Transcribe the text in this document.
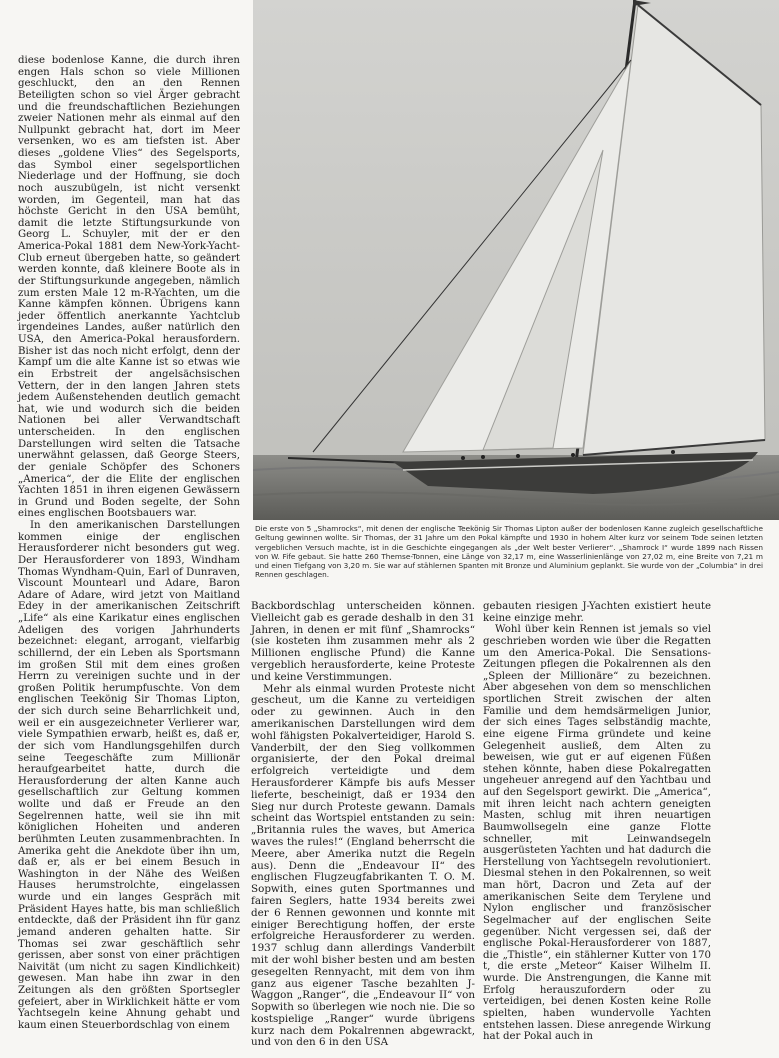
diese bodenlose Kanne, die durch ihren engen Hals schon so viele Millionen geschluckt, den an den Rennen Beteiligten schon so viel Ärger gebracht und die freundschaftlichen Beziehungen zweier Nationen mehr als einmal auf den Nullpunkt gebracht hat, dort im Meer versenken, wo es am tiefsten ist. Aber dieses „goldene Vlies“ des Segelsports, das Symbol einer segelsportlichen Niederlage und der Hoffnung, sie doch noch auszubügeln, ist nicht versenkt worden, im Gegenteil, man hat das höchste Gericht in den USA bemüht, damit die letzte Stiftungsurkunde von Georg L. Schuyler, mit der er den America-Pokal 1881 dem New-York-Yacht-Club erneut übergeben hatte, so geändert werden konnte, daß kleinere Boote als in der Stiftungsurkunde angegeben, nämlich zum ersten Male 12 m-R-Yachten, um die Kanne kämpfen können. Übrigens kann jeder öffentlich anerkannte Yachtclub irgendeines Landes, außer natürlich den USA, den America-Pokal herausfordern. Bisher ist das noch nicht erfolgt, denn der Kampf um die alte Kanne ist so etwas wie ein Erbstreit der angelsächsischen Vettern, der in den langen Jahren stets jedem Außenstehenden deutlich gemacht hat, wie und wodurch sich die beiden Nationen bei aller Verwandtschaft unterscheiden. In den englischen Darstellungen wird selten die Tatsache unerwähnt gelassen, daß George Steers, der geniale Schöpfer des Schoners „America“, der die Elite der englischen Yachten 1851 in ihren eigenen Gewässern in Grund und Boden segelte, der Sohn eines englischen Bootsbauers war.

In den amerikanischen Darstellungen kommen einige der englischen Herausforderer nicht besonders gut weg. Der Herausforderer von 1893, Windham Thomas Wyndham-Quin, Earl of Dunraven, Viscount Mountearl und Adare, Baron Adare of Adare, wird jetzt von Maitland Edey in der amerikanischen Zeitschrift „Life“ als eine Karikatur eines englischen Adeligen des vorigen Jahrhunderts bezeichnet: elegant, arrogant, vielfarbig schillernd, der ein Leben als Sportsmann im großen Stil mit dem eines großen Herrn zu vereinigen suchte und in der großen Politik herumpfuschte. Von dem englischen Teekönig Sir Thomas Lipton, der sich durch seine Beharrlichkeit und, weil er ein ausgezeichneter Verlierer war, viele Sympathien erwarb, heißt es, daß er, der sich vom Handlungsgehilfen durch seine Teegeschäfte zum Millionär heraufgearbeitet hatte, durch die Herausforderung der alten Kanne auch gesellschaftlich zur Geltung kommen wollte und daß er Freude an den Segelrennen hatte, weil sie ihn mit königlichen Hoheiten und anderen berühmten Leuten zusammenbrachten. In Amerika geht die Anekdote über ihn um, daß er, als er bei einem Besuch in Washington in der Nähe des Weißen Hauses herumstrolchte, eingelassen wurde und ein langes Gespräch mit Präsident Hayes hatte, bis man schließlich entdeckte, daß der Präsident ihn für ganz jemand anderen gehalten hatte. Sir Thomas sei zwar geschäftlich sehr gerissen, aber sonst von einer prächtigen Naivität (um nicht zu sagen Kindlichkeit) gewesen. Man habe ihn zwar in den Zeitungen als den größten Sportsegler gefeiert, aber in Wirklichkeit hätte er vom Yachtsegeln keine Ahnung gehabt und kaum einen Steuerbordschlag von einem

Die erste von 5 „Shamrocks“, mit denen der englische Teekönig Sir Thomas Lipton außer der bodenlosen Kanne zugleich gesellschaftliche Geltung gewinnen wollte. Sir Thomas, der 31 Jahre um den Pokal kämpfte und 1930 in hohem Alter kurz vor seinem Tode seinen letzten vergeblichen Versuch machte, ist in die Geschichte eingegangen als „der Welt bester Verlierer“. „Shamrock I“ wurde 1899 nach Rissen von W. Fife gebaut. Sie hatte 260 Themse-Tonnen, eine Länge von 32,17 m, eine Wasserlinienlänge von 27,02 m, eine Breite von 7,21 m und einen Tiefgang von 3,20 m. Sie war auf stählernen Spanten mit Bronze und Aluminium geplankt. Sie wurde von der „Columbia“ in drei Rennen geschlagen.

Backbordschlag unterscheiden können. Vielleicht gab es gerade deshalb in den 31 Jahren, in denen er mit fünf „Shamrocks“ (sie kosteten ihm zusammen mehr als 2 Millionen englische Pfund) die Kanne vergeblich herausforderte, keine Proteste und keine Verstimmungen.

Mehr als einmal wurden Proteste nicht gescheut, um die Kanne zu verteidigen oder zu gewinnen. Auch in den amerikanischen Darstellungen wird dem wohl fähigsten Pokalverteidiger, Harold S. Vanderbilt, der den Sieg vollkommen organisierte, der den Pokal dreimal erfolgreich verteidigte und dem Herausforderer Kämpfe bis aufs Messer lieferte, bescheinigt, daß er 1934 den Sieg nur durch Proteste gewann. Damals scheint das Wortspiel entstanden zu sein: „Britannia rules the waves, but America waves the rules!“ (England beherrscht die Meere, aber Amerika nutzt die Regeln aus). Denn die „Endeavour II“ des englischen Flugzeugfabrikanten T. O. M. Sopwith, eines guten Sportmannes und fairen Seglers, hatte 1934 bereits zwei der 6 Rennen gewonnen und konnte mit einiger Berechtigung hoffen, der erste erfolgreiche Herausforderer zu werden. 1937 schlug dann allerdings Vanderbilt mit der wohl bisher besten und am besten gesegelten Rennyacht, mit dem von ihm ganz aus eigener Tasche bezahlten J-Waggon „Ranger“, die „Endeavour II“ von Sopwith so überlegen wie noch nie. Die so kostspielige „Ranger“ wurde übrigens kurz nach dem Pokalrennen abgewrackt, und von den 6 in den USA

gebauten riesigen J-Yachten existiert heute keine einzige mehr.

Wohl über kein Rennen ist jemals so viel geschrieben worden wie über die Regatten um den America-Pokal. Die Sensations-Zeitungen pflegen die Pokalrennen als den „Spleen der Millionäre“ zu bezeichnen. Aber abgesehen von dem so menschlichen sportlichen Streit zwischen der alten Familie und dem hemdsärmeligen Junior, der sich eines Tages selbständig machte, eine eigene Firma gründete und keine Gelegenheit ausließ, dem Alten zu beweisen, wie gut er auf eigenen Füßen stehen könnte, haben diese Pokalregatten ungeheuer anregend auf den Yachtbau und auf den Segelsport gewirkt. Die „America“, mit ihren leicht nach achtern geneigten Masten, schlug mit ihren neuartigen Baumwollsegeln eine ganze Flotte schneller, mit Leinwandsegeln ausgerüsteten Yachten und hat dadurch die Herstellung von Yachtsegeln revolutioniert. Diesmal stehen in den Pokalrennen, so weit man hört, Dacron und Zeta auf der amerikanischen Seite dem Terylene und Nylon englischer und französischer Segelmacher auf der englischen Seite gegenüber. Nicht vergessen sei, daß der englische Pokal-Herausforderer von 1887, die „Thistle“, ein stählerner Kutter von 170 t, die erste „Meteor“ Kaiser Wilhelm II. wurde. Die Anstrengungen, die Kanne mit Erfolg herauszufordern oder zu verteidigen, bei denen Kosten keine Rolle spielten, haben wundervolle Yachten entstehen lassen. Diese anregende Wirkung hat der Pokal auch in
